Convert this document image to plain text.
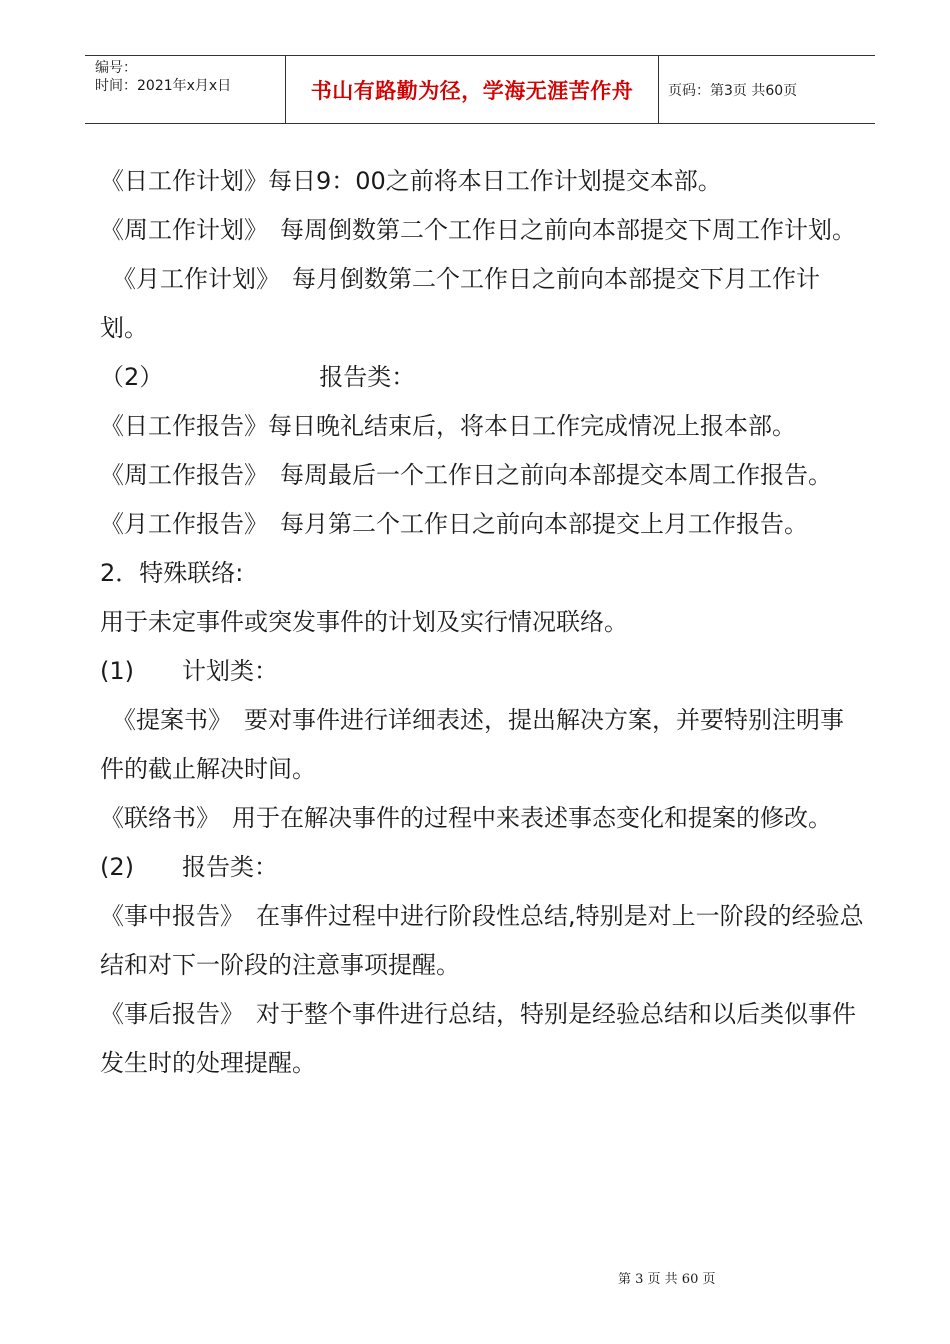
编号：
时间：2021年x月x日	书山有路勤为径，学海无涯苦作舟	页码：第3页 共60页

《日工作计划》每日9：00之前将本日工作计划提交本部。

《周工作计划》　每周倒数第二个工作日之前向本部提交下周工作计划。

　《月工作计划》　每月倒数第二个工作日之前向本部提交下月工作计划。

（2）　　　　　　　报告类：

《日工作报告》每日晚礼结束后，将本日工作完成情况上报本部。

《周工作报告》　每周最后一个工作日之前向本部提交本周工作报告。

《月工作报告》　每月第二个工作日之前向本部提交上月工作报告。

2．特殊联络:

用于未定事件或突发事件的计划及实行情况联络。

(1)　　计划类：

　《提案书》　要对事件进行详细表述，提出解决方案，并要特别注明事件的截止解决时间。

《联络书》　用于在解决事件的过程中来表述事态变化和提案的修改。

(2)　　报告类：

《事中报告》　在事件过程中进行阶段性总结,特别是对上一阶段的经验总结和对下一阶段的注意事项提醒。

《事后报告》　对于整个事件进行总结，特别是经验总结和以后类似事件发生时的处理提醒。

第 3 页 共 60 页
